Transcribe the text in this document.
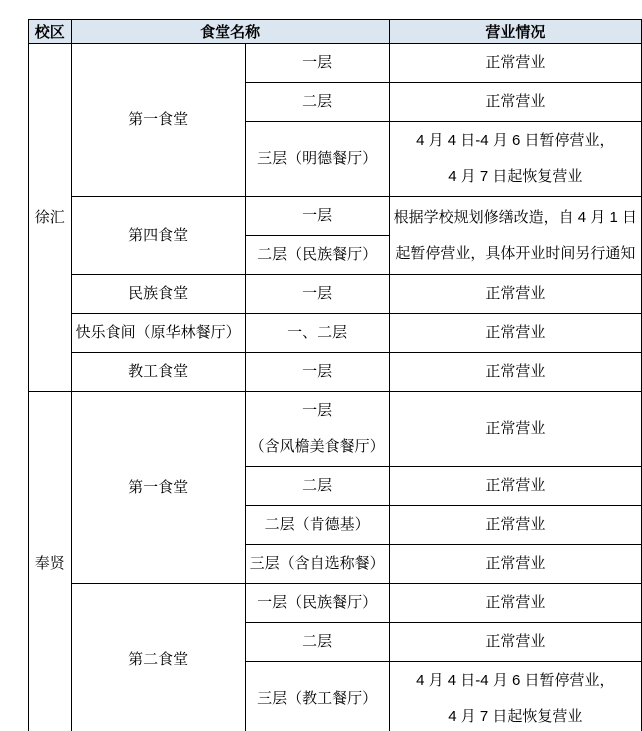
校区	食堂名称		营业情况

徐汇	第一食堂	一层	正常营业

		二层	正常营业

		三层（明德餐厅）	4 月 4 日-4 月 6 日暂停营业，
4 月 7 日起恢复营业

	第四食堂	一层	根据学校规划修缮改造，自 4 月 1 日
起暂停营业，具体开业时间另行通知

		二层（民族餐厅）	

	民族食堂	一层	正常营业

	快乐食间（原华林餐厅）	一、二层	正常营业

	教工食堂	一层	正常营业

奉贤	第一食堂	一层
（含风檐美食餐厅）	正常营业

		二层	正常营业

		二层（肯德基）	正常营业

		三层（含自选称餐）	正常营业

	第二食堂	一层（民族餐厅）	正常营业

		二层	正常营业

		三层（教工餐厅）	4 月 4 日-4 月 6 日暂停营业，
4 月 7 日起恢复营业
